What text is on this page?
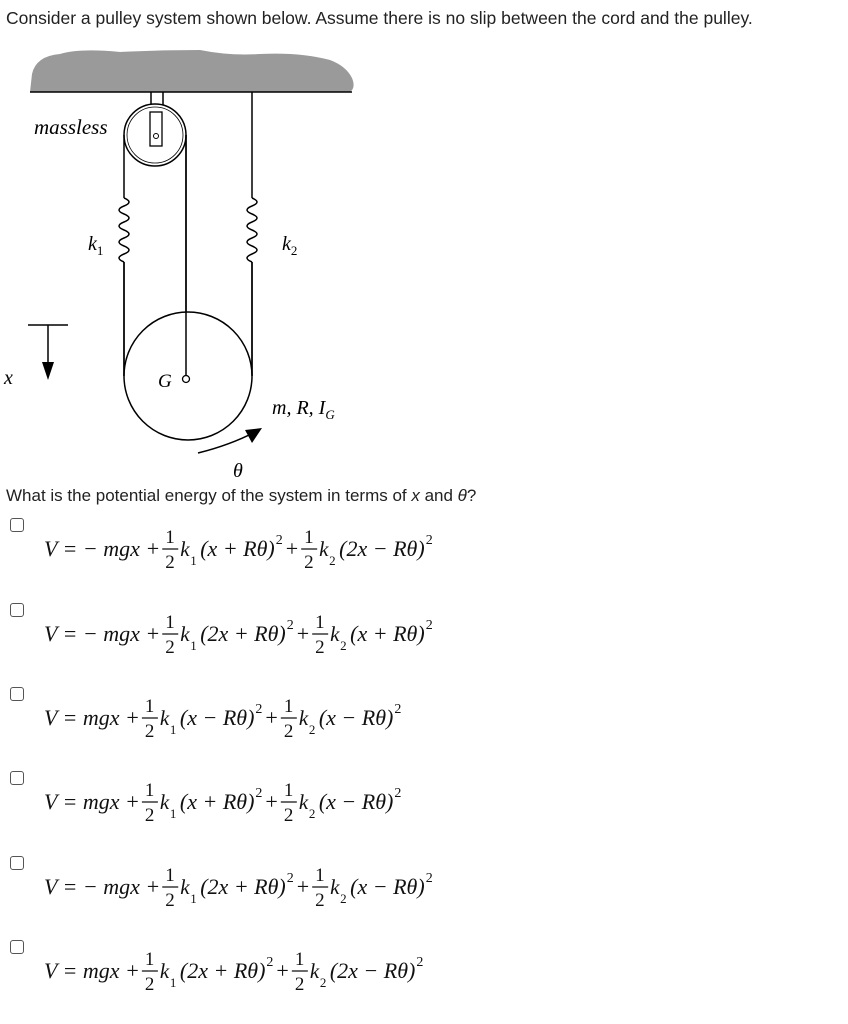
Consider a pulley system shown below. Assume there is no slip between the cord and the pulley.
massless
$k_1$	$k_2$
x	G
m, R, $I_G$
θ
What is the potential energy of the system in terms of x and θ?
V = − mgx + 1
2
k 1 (x + Rθ) 2 + 1
2
k 2 (2x − Rθ) 2
V = − mgx + 1
2
k 1 (2x + Rθ) 2 + 1
2
k 2 (x + Rθ) 2
V = mgx + 1
2
k 1 (x − Rθ) 2 + 1
2
k 2 (x − Rθ) 2
V = mgx + 1
2
k 1 (x + Rθ) 2 + 1
2
k 2 (x − Rθ) 2
V = − mgx + 1
2
k 1 (2x + Rθ) 2 + 1
2
k 2 (x − Rθ) 2
V = mgx + 1
2
k 1 (2x + Rθ) 2 + 1
2
k 2 (2x − Rθ) 2
